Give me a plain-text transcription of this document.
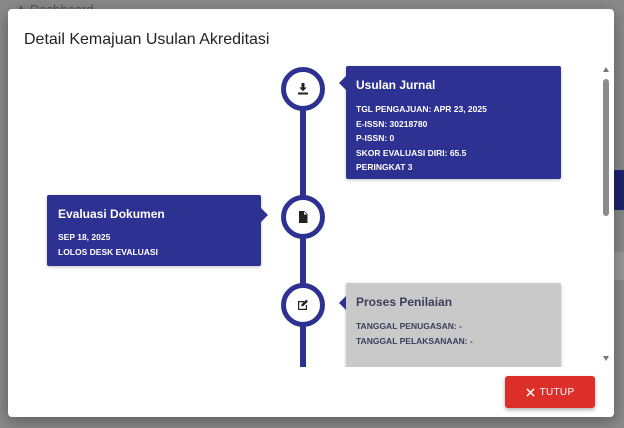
Detail Kemajuan Usulan Akreditasi
Usulan Jurnal
TGL PENGAJUAN: APR 23, 2025
E-ISSN: 30218780
P-ISSN: 0
SKOR EVALUASI DIRI: 65.5
PERINGKAT 3
Evaluasi Dokumen
SEP 18, 2025
LOLOS DESK EVALUASI
Proses Penilaian
TANGGAL PENUGASAN: -
TANGGAL PELAKSANAAN: -
TUTUP
